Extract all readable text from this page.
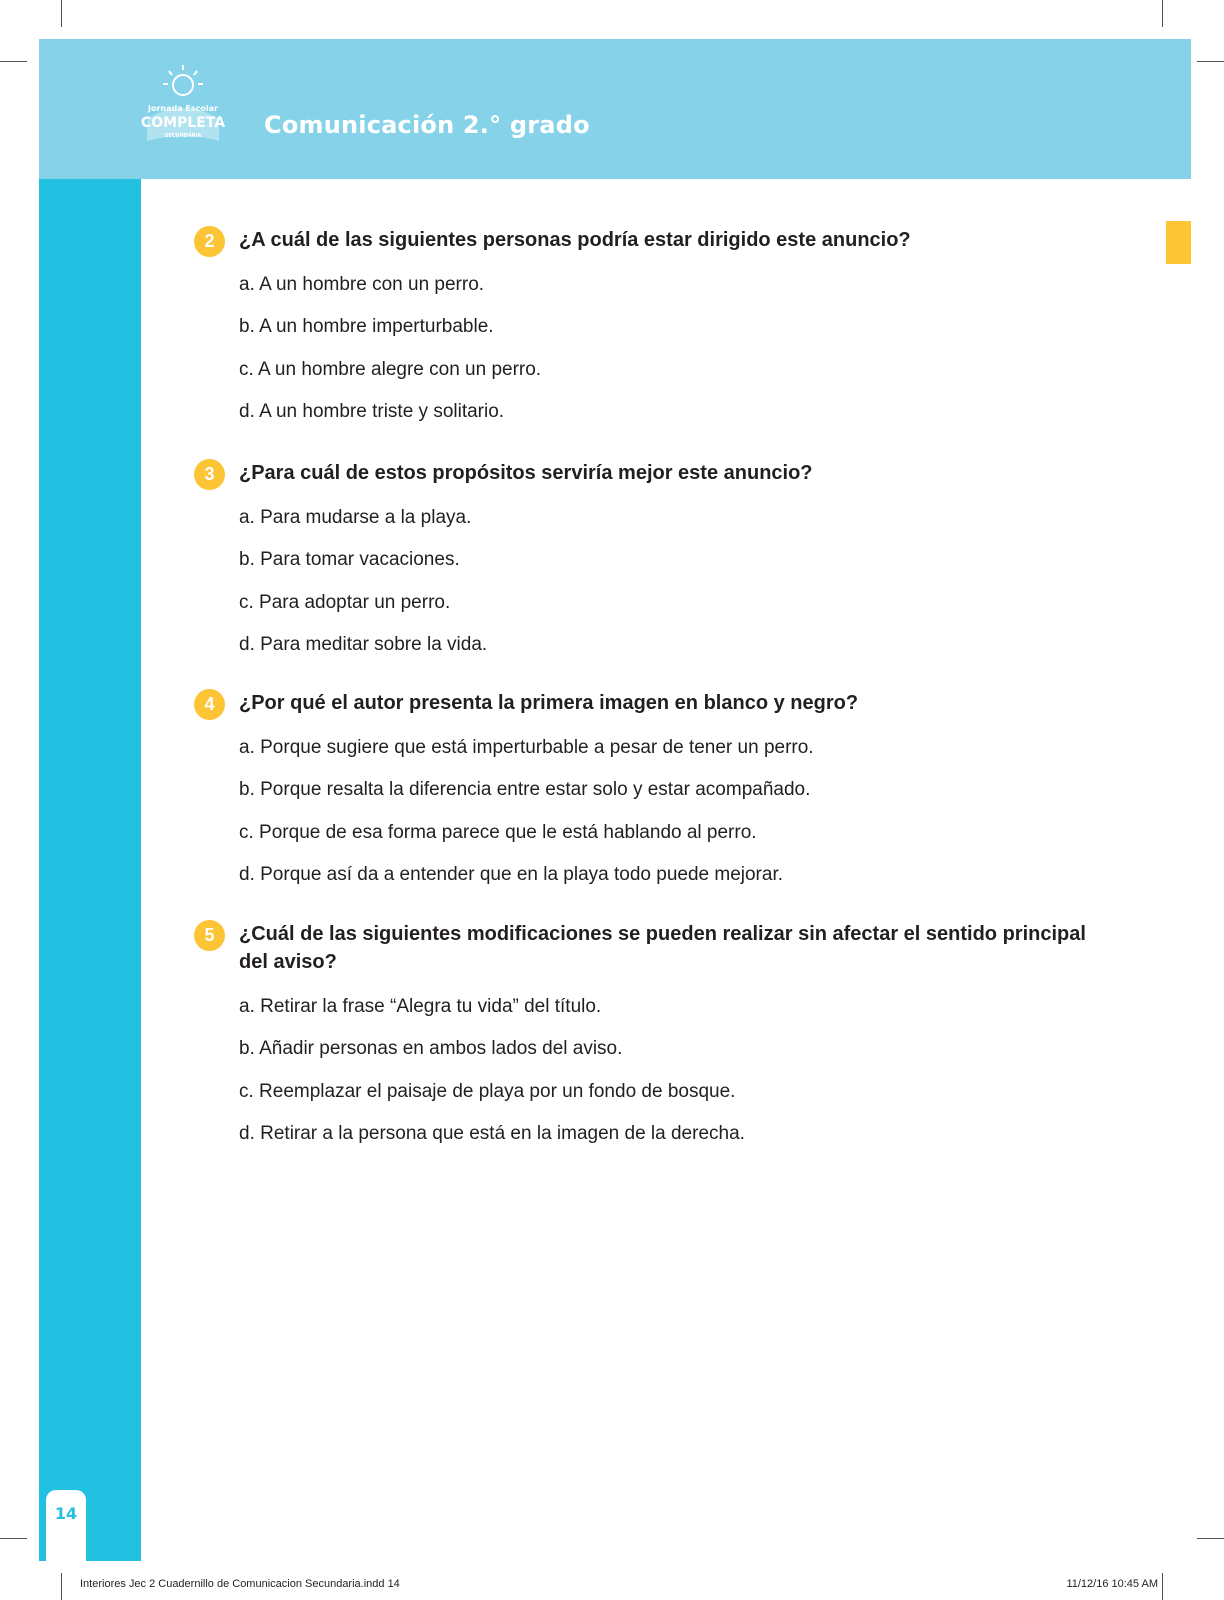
Jornada Escolar
COMPLETA
SECUNDARIA	Comunicación 2.° grado
14
2	¿A cuál de las siguientes personas podría estar dirigido este anuncio?

a. A un hombre con un perro.
b. A un hombre imperturbable.
c. A un hombre alegre con un perro.
d. A un hombre triste y solitario.
3	¿Para cuál de estos propósitos serviría mejor este anuncio?

a. Para mudarse a la playa.
b. Para tomar vacaciones.
c. Para adoptar un perro.
d. Para meditar sobre la vida.
4	¿Por qué el autor presenta la primera imagen en blanco y negro?

a. Porque sugiere que está imperturbable a pesar de tener un perro.
b. Porque resalta la diferencia entre estar solo y estar acompañado.
c. Porque de esa forma parece que le está hablando al perro.
d. Porque así da a entender que en la playa todo puede mejorar.
5	¿Cuál de las siguientes modificaciones se pueden realizar sin afectar el sentido principal del aviso?

a. Retirar la frase “Alegra tu vida” del título.
b. Añadir personas en ambos lados del aviso.
c. Reemplazar el paisaje de playa por un fondo de bosque.
d. Retirar a la persona que está en la imagen de la derecha.
Interiores Jec 2 Cuadernillo de Comunicacion Secundaria.indd 14	11/12/16 10:45 AM
